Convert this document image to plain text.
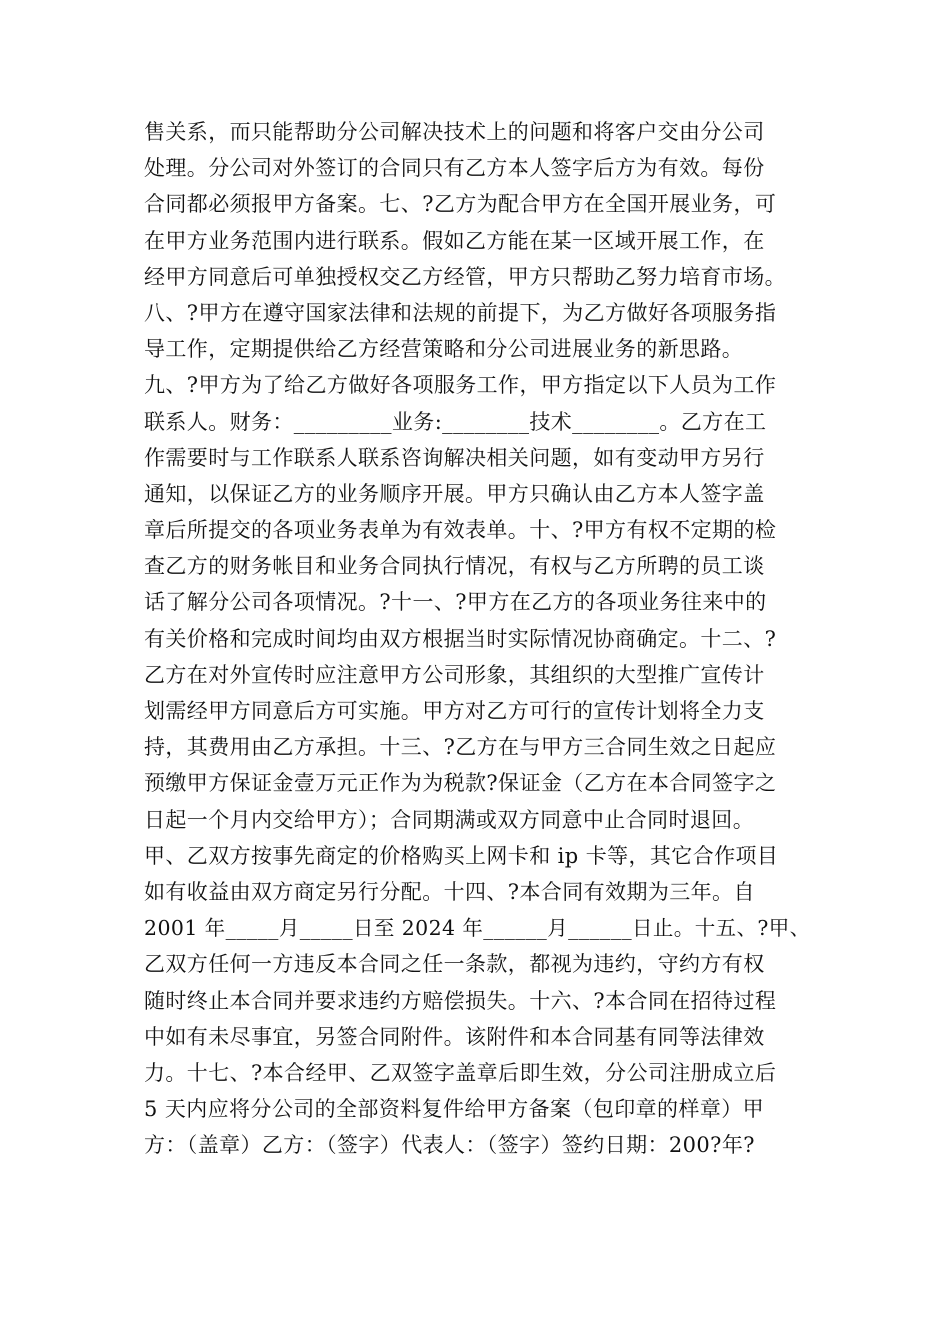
售关系，而只能帮助分公司解决技术上的问题和将客户交由分公司
处理。分公司对外签订的合同只有乙方本人签字后方为有效。每份
合同都必须报甲方备案。七、?乙方为配合甲方在全国开展业务，可
在甲方业务范围内进行联系。假如乙方能在某一区域开展工作，在
经甲方同意后可单独授权交乙方经管，甲方只帮助乙努力培育市场。
八、?甲方在遵守国家法律和法规的前提下，为乙方做好各项服务指
导工作，定期提供给乙方经营策略和分公司进展业务的新思路。
九、?甲方为了给乙方做好各项服务工作，甲方指定以下人员为工作
联系人。财务：_________业务:________技术________。乙方在工
作需要时与工作联系人联系咨询解决相关问题，如有变动甲方另行
通知，以保证乙方的业务顺序开展。甲方只确认由乙方本人签字盖
章后所提交的各项业务表单为有效表单。十、?甲方有权不定期的检
查乙方的财务帐目和业务合同执行情况，有权与乙方所聘的员工谈
话了解分公司各项情况。?十一、?甲方在乙方的各项业务往来中的
有关价格和完成时间均由双方根据当时实际情况协商确定。十二、?
乙方在对外宣传时应注意甲方公司形象，其组织的大型推广宣传计
划需经甲方同意后方可实施。甲方对乙方可行的宣传计划将全力支
持，其费用由乙方承担。十三、?乙方在与甲方三合同生效之日起应
预缴甲方保证金壹万元正作为为税款?保证金（乙方在本合同签字之
日起一个月内交给甲方）；合同期满或双方同意中止合同时退回。
甲、乙双方按事先商定的价格购买上网卡和 ip 卡等，其它合作项目
如有收益由双方商定另行分配。十四、?本合同有效期为三年。自
2001 年_____月_____日至 2024 年______月______日止。十五、?甲、
乙双方任何一方违反本合同之任一条款，都视为违约，守约方有权
随时终止本合同并要求违约方赔偿损失。十六、?本合同在招待过程
中如有未尽事宜，另签合同附件。该附件和本合同基有同等法律效
力。十七、?本合经甲、乙双签字盖章后即生效，分公司注册成立后
5 天内应将分公司的全部资料复件给甲方备案（包印章的样章）甲
方：（盖章）乙方：（签字）代表人：（签字）签约日期：200?年?
